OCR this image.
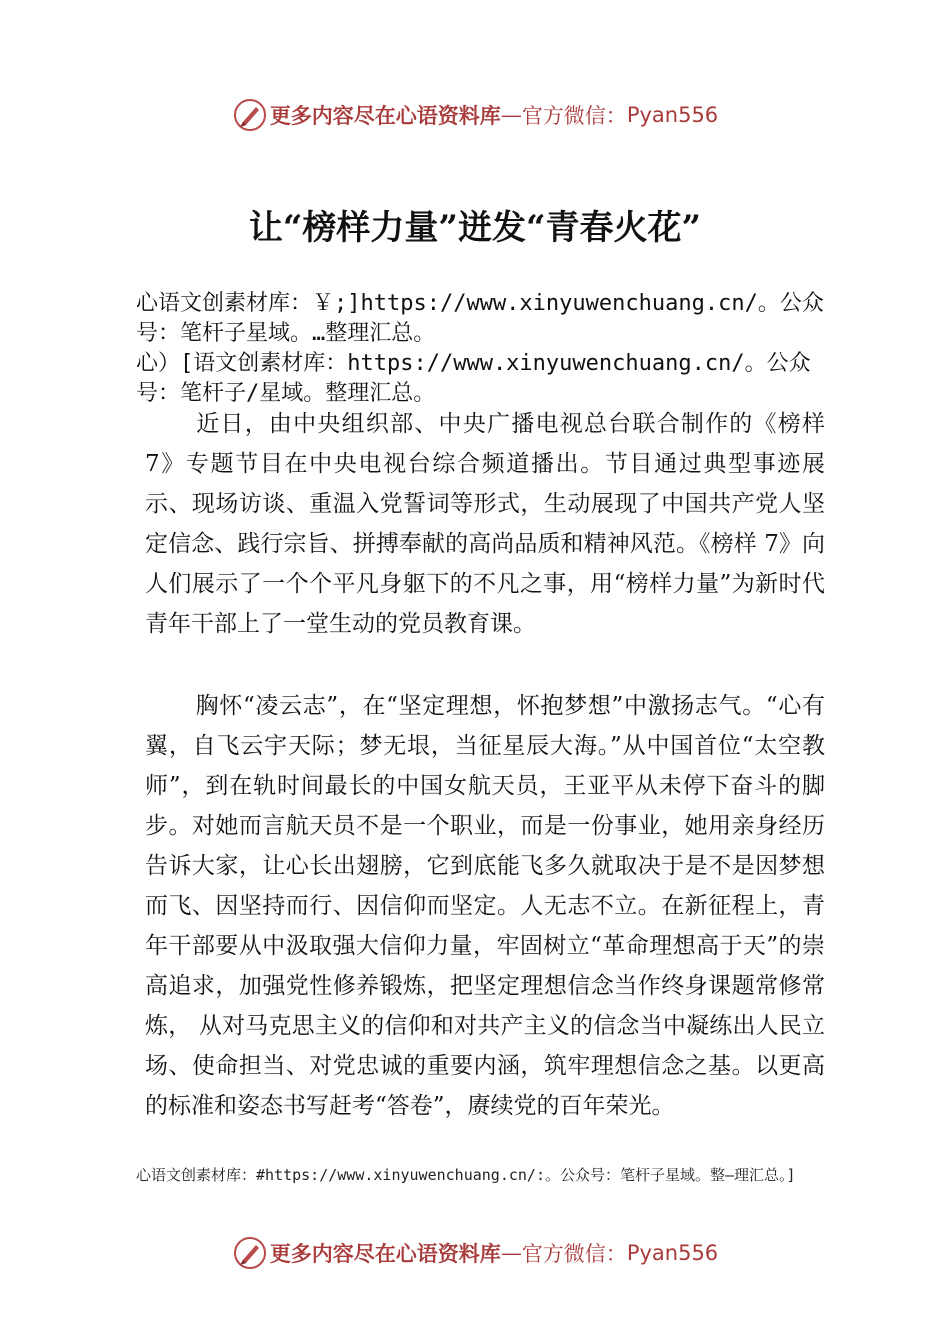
更多内容尽在心语资料库 — 官方微信： Pyan556
让“榜样力量”迸发“青春火花”
心语文创素材库：￥;]https://www.xinyuwenchuang.cn/。公众号：笔杆子星域。…整理汇总。
心）[语文创素材库：https://www.xinyuwenchuang.cn/。公众号：笔杆子/星域。整理汇总。
近日，由中央组织部、中央广播电视总台联合制作的《榜样 7》专题节目在中央电视台综合频道播出。节目通过典型事迹展示、现场访谈、重温入党誓词等形式，生动展现了中国共产党人坚定信念、践行宗旨、拼搏奉献的高尚品质和精神风范。《榜样 7》向人们展示了一个个平凡身躯下的不凡之事，用“榜样力量”为新时代青年干部上了一堂生动的党员教育课。
胸怀“凌云志”，在“坚定理想，怀抱梦想”中激扬志气。“心有翼，自飞云宇天际；梦无垠，当征星辰大海。”从中国首位“太空教师”，到在轨时间最长的中国女航天员，王亚平从未停下奋斗的脚步。对她而言航天员不是一个职业，而是一份事业，她用亲身经历告诉大家，让心长出翅膀，它到底能飞多久就取决于是不是因梦想而飞、因坚持而行、因信仰而坚定。人无志不立。在新征程上，青年干部要从中汲取强大信仰力量，牢固树立“革命理想高于天”的崇高追求，加强党性修养锻炼，把坚定理想信念当作终身课题常修常炼， 从对马克思主义的信仰和对共产主义的信念当中凝练出人民立场、使命担当、对党忠诚的重要内涵，筑牢理想信念之基。以更高的标准和姿态书写赶考“答卷”，赓续党的百年荣光。
心语文创素材库：#https://www.xinyuwenchuang.cn/:。公众号：笔杆子星域。整—理汇总。]
更多内容尽在心语资料库 — 官方微信： Pyan556
